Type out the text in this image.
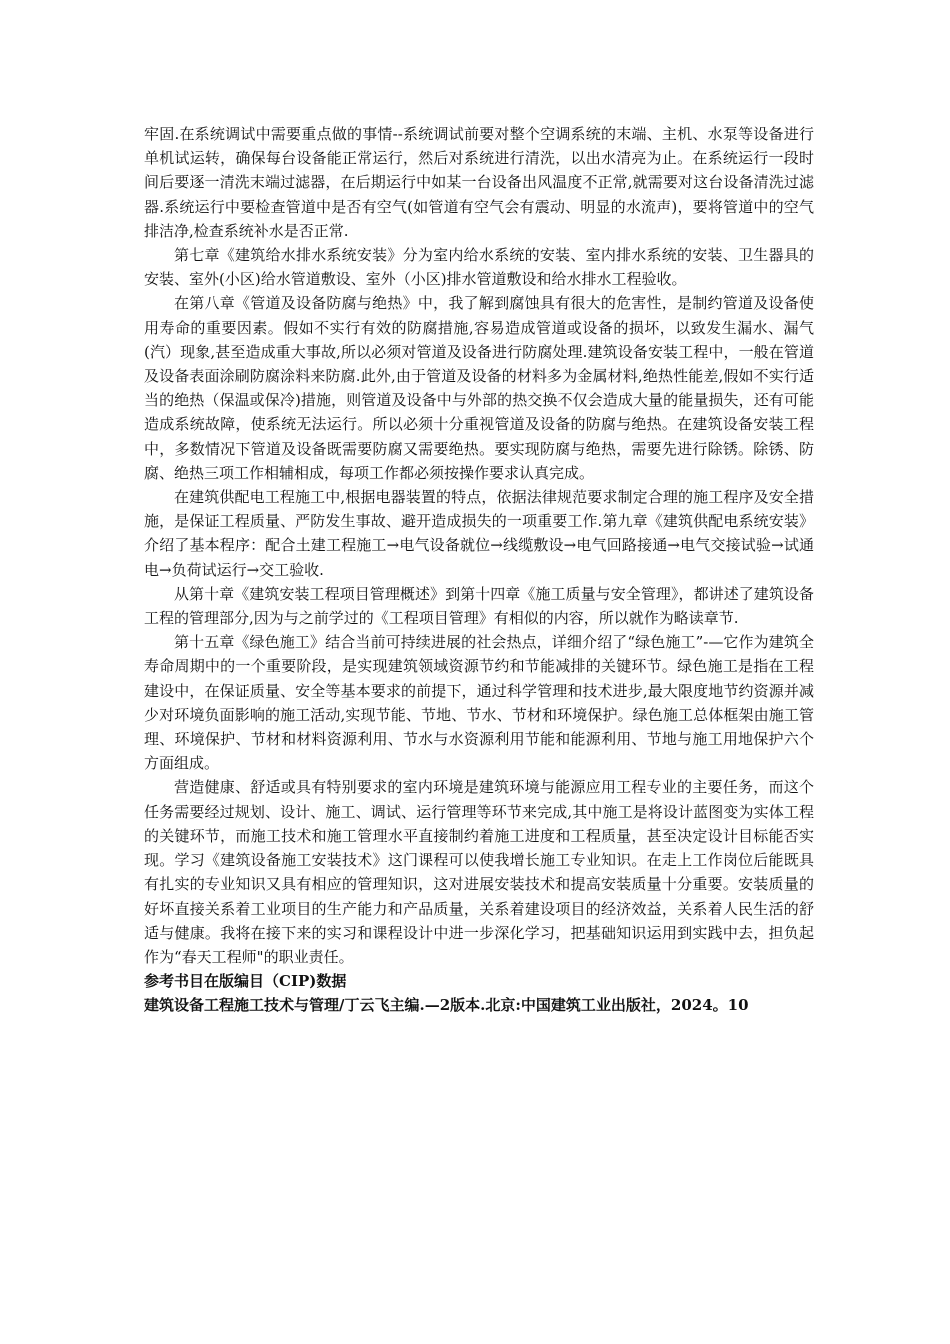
牢固.在系统调试中需要重点做的事情--系统调试前要对整个空调系统的末端、主机、水泵等设备进行单机试运转，确保每台设备能正常运行，然后对系统进行清洗，以出水清亮为止。在系统运行一段时间后要逐一清洗末端过滤器，在后期运行中如某一台设备出风温度不正常,就需要对这台设备清洗过滤器.系统运行中要检查管道中是否有空气(如管道有空气会有震动、明显的水流声)，要将管道中的空气排洁净,检查系统补水是否正常.

第七章《建筑给水排水系统安装》分为室内给水系统的安装、室内排水系统的安装、卫生器具的安装、室外(小区)给水管道敷设、室外（小区)排水管道敷设和给水排水工程验收。

在第八章《管道及设备防腐与绝热》中，我了解到腐蚀具有很大的危害性，是制约管道及设备使用寿命的重要因素。假如不实行有效的防腐措施,容易造成管道或设备的损坏，以致发生漏水、漏气(汽）现象,甚至造成重大事故,所以必须对管道及设备进行防腐处理.建筑设备安装工程中，一般在管道及设备表面涂刷防腐涂料来防腐.此外,由于管道及设备的材料多为金属材料,绝热性能差,假如不实行适当的绝热（保温或保冷)措施，则管道及设备中与外部的热交换不仅会造成大量的能量损失，还有可能造成系统故障，使系统无法运行。所以必须十分重视管道及设备的防腐与绝热。在建筑设备安装工程中，多数情况下管道及设备既需要防腐又需要绝热。要实现防腐与绝热，需要先进行除锈。除锈、防腐、绝热三项工作相辅相成，每项工作都必须按操作要求认真完成。

在建筑供配电工程施工中,根据电器装置的特点，依据法律规范要求制定合理的施工程序及安全措施，是保证工程质量、严防发生事故、避开造成损失的一项重要工作.第九章《建筑供配电系统安装》介绍了基本程序：配合土建工程施工→电气设备就位→线缆敷设→电气回路接通→电气交接试验→试通电→负荷试运行→交工验收.

从第十章《建筑安装工程项目管理概述》到第十四章《施工质量与安全管理》，都讲述了建筑设备工程的管理部分,因为与之前学过的《工程项目管理》有相似的内容，所以就作为略读章节.

第十五章《绿色施工》结合当前可持续进展的社会热点，详细介绍了“绿色施工”-—它作为建筑全寿命周期中的一个重要阶段，是实现建筑领域资源节约和节能减排的关键环节。绿色施工是指在工程建设中，在保证质量、安全等基本要求的前提下，通过科学管理和技术进步,最大限度地节约资源并减少对环境负面影响的施工活动,实现节能、节地、节水、节材和环境保护。绿色施工总体框架由施工管理、环境保护、节材和材料资源利用、节水与水资源利用节能和能源利用、节地与施工用地保护六个方面组成。

营造健康、舒适或具有特别要求的室内环境是建筑环境与能源应用工程专业的主要任务，而这个任务需要经过规划、设计、施工、调试、运行管理等环节来完成,其中施工是将设计蓝图变为实体工程的关键环节，而施工技术和施工管理水平直接制约着施工进度和工程质量，甚至决定设计目标能否实现。学习《建筑设备施工安装技术》这门课程可以使我增长施工专业知识。在走上工作岗位后能既具有扎实的专业知识又具有相应的管理知识，这对进展安装技术和提高安装质量十分重要。安装质量的好坏直接关系着工业项目的生产能力和产品质量，关系着建设项目的经济效益，关系着人民生活的舒适与健康。我将在接下来的实习和课程设计中进一步深化学习，把基础知识运用到实践中去，担负起作为“春天工程师"的职业责任。

参考书目在版编目（CIP)数据

建筑设备工程施工技术与管理/丁云飞主编.—2版本.北京:中国建筑工业出版社，2024。10
